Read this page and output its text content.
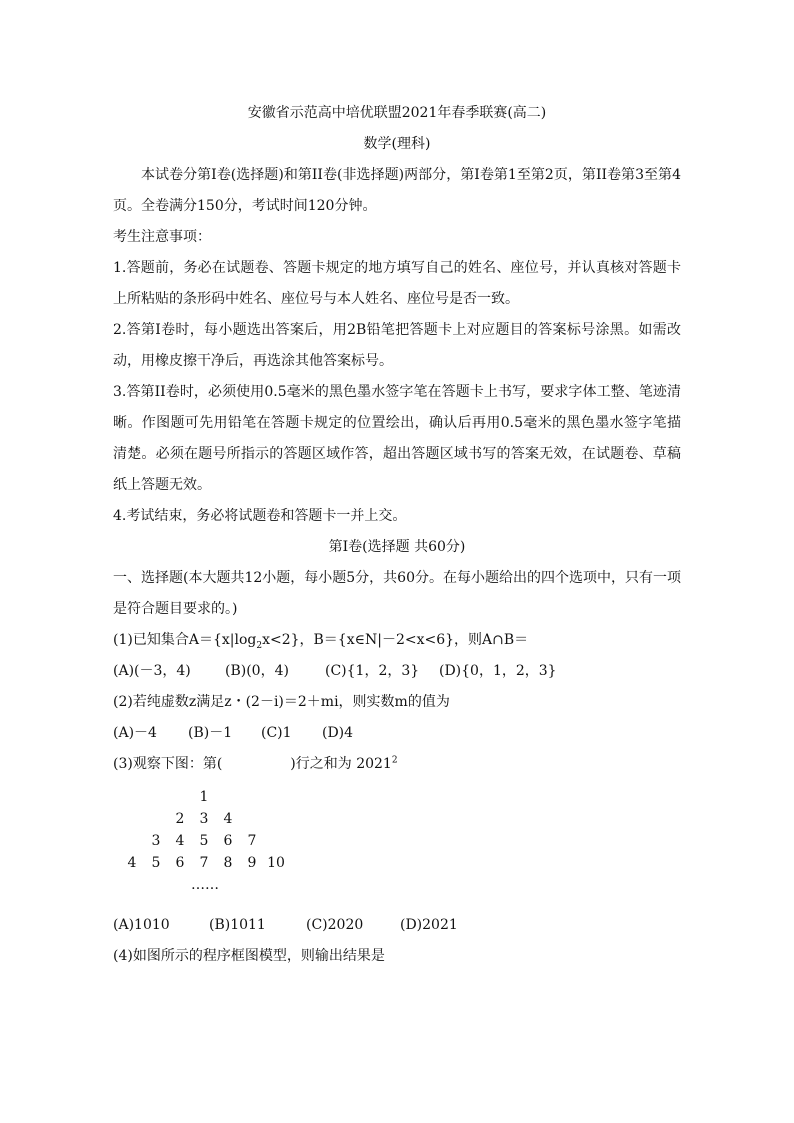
安徽省示范高中培优联盟2021年春季联赛(高二)

数学(理科)

本试卷分第I卷(选择题)和第II卷(非选择题)两部分，第I卷第1至第2页，第II卷第3至第4页。全卷满分150分，考试时间120分钟。

考生注意事项：

1.答题前，务必在试题卷、答题卡规定的地方填写自己的姓名、座位号，并认真核对答题卡上所粘贴的条形码中姓名、座位号与本人姓名、座位号是否一致。

2.答第I卷时，每小题选出答案后，用2B铅笔把答题卡上对应题目的答案标号涂黑。如需改动，用橡皮擦干净后，再选涂其他答案标号。

3.答第II卷时，必须使用0.5毫米的黑色墨水签字笔在答题卡上书写，要求字体工整、笔迹清晰。作图题可先用铅笔在答题卡规定的位置绘出，确认后再用0.5毫米的黑色墨水签字笔描清楚。必须在题号所指示的答题区域作答，超出答题区域书写的答案无效，在试题卷、草稿纸上答题无效。

4.考试结束，务必将试题卷和答题卡一并上交。

第I卷(选择题 共60分)

一、选择题(本大题共12小题，每小题5分，共60分。在每小题给出的四个选项中，只有一项是符合题目要求的。)

(1)已知集合$A=\{x|\log_2x<2\}$，B＝{x∈N|－2<x<6}，则A∩B＝

(A)(－3，4)	(B)(0，4)	(C){1，2，3}	(D){0，1，2，3}

(2)若纯虚数z满足z・(2－i)＝2＋mi，则实数m的值为

(A)－4	(B)－1	(C)1	(D)4

(3)观察下图：第(	)行之和为 2021$^2$

1
2	3	4
3	4	5	6	7
4	5	6	7	8	9 10
……

(A)1010	(B)1011	(C)2020	(D)2021

(4)如图所示的程序框图模型，则输出结果是
